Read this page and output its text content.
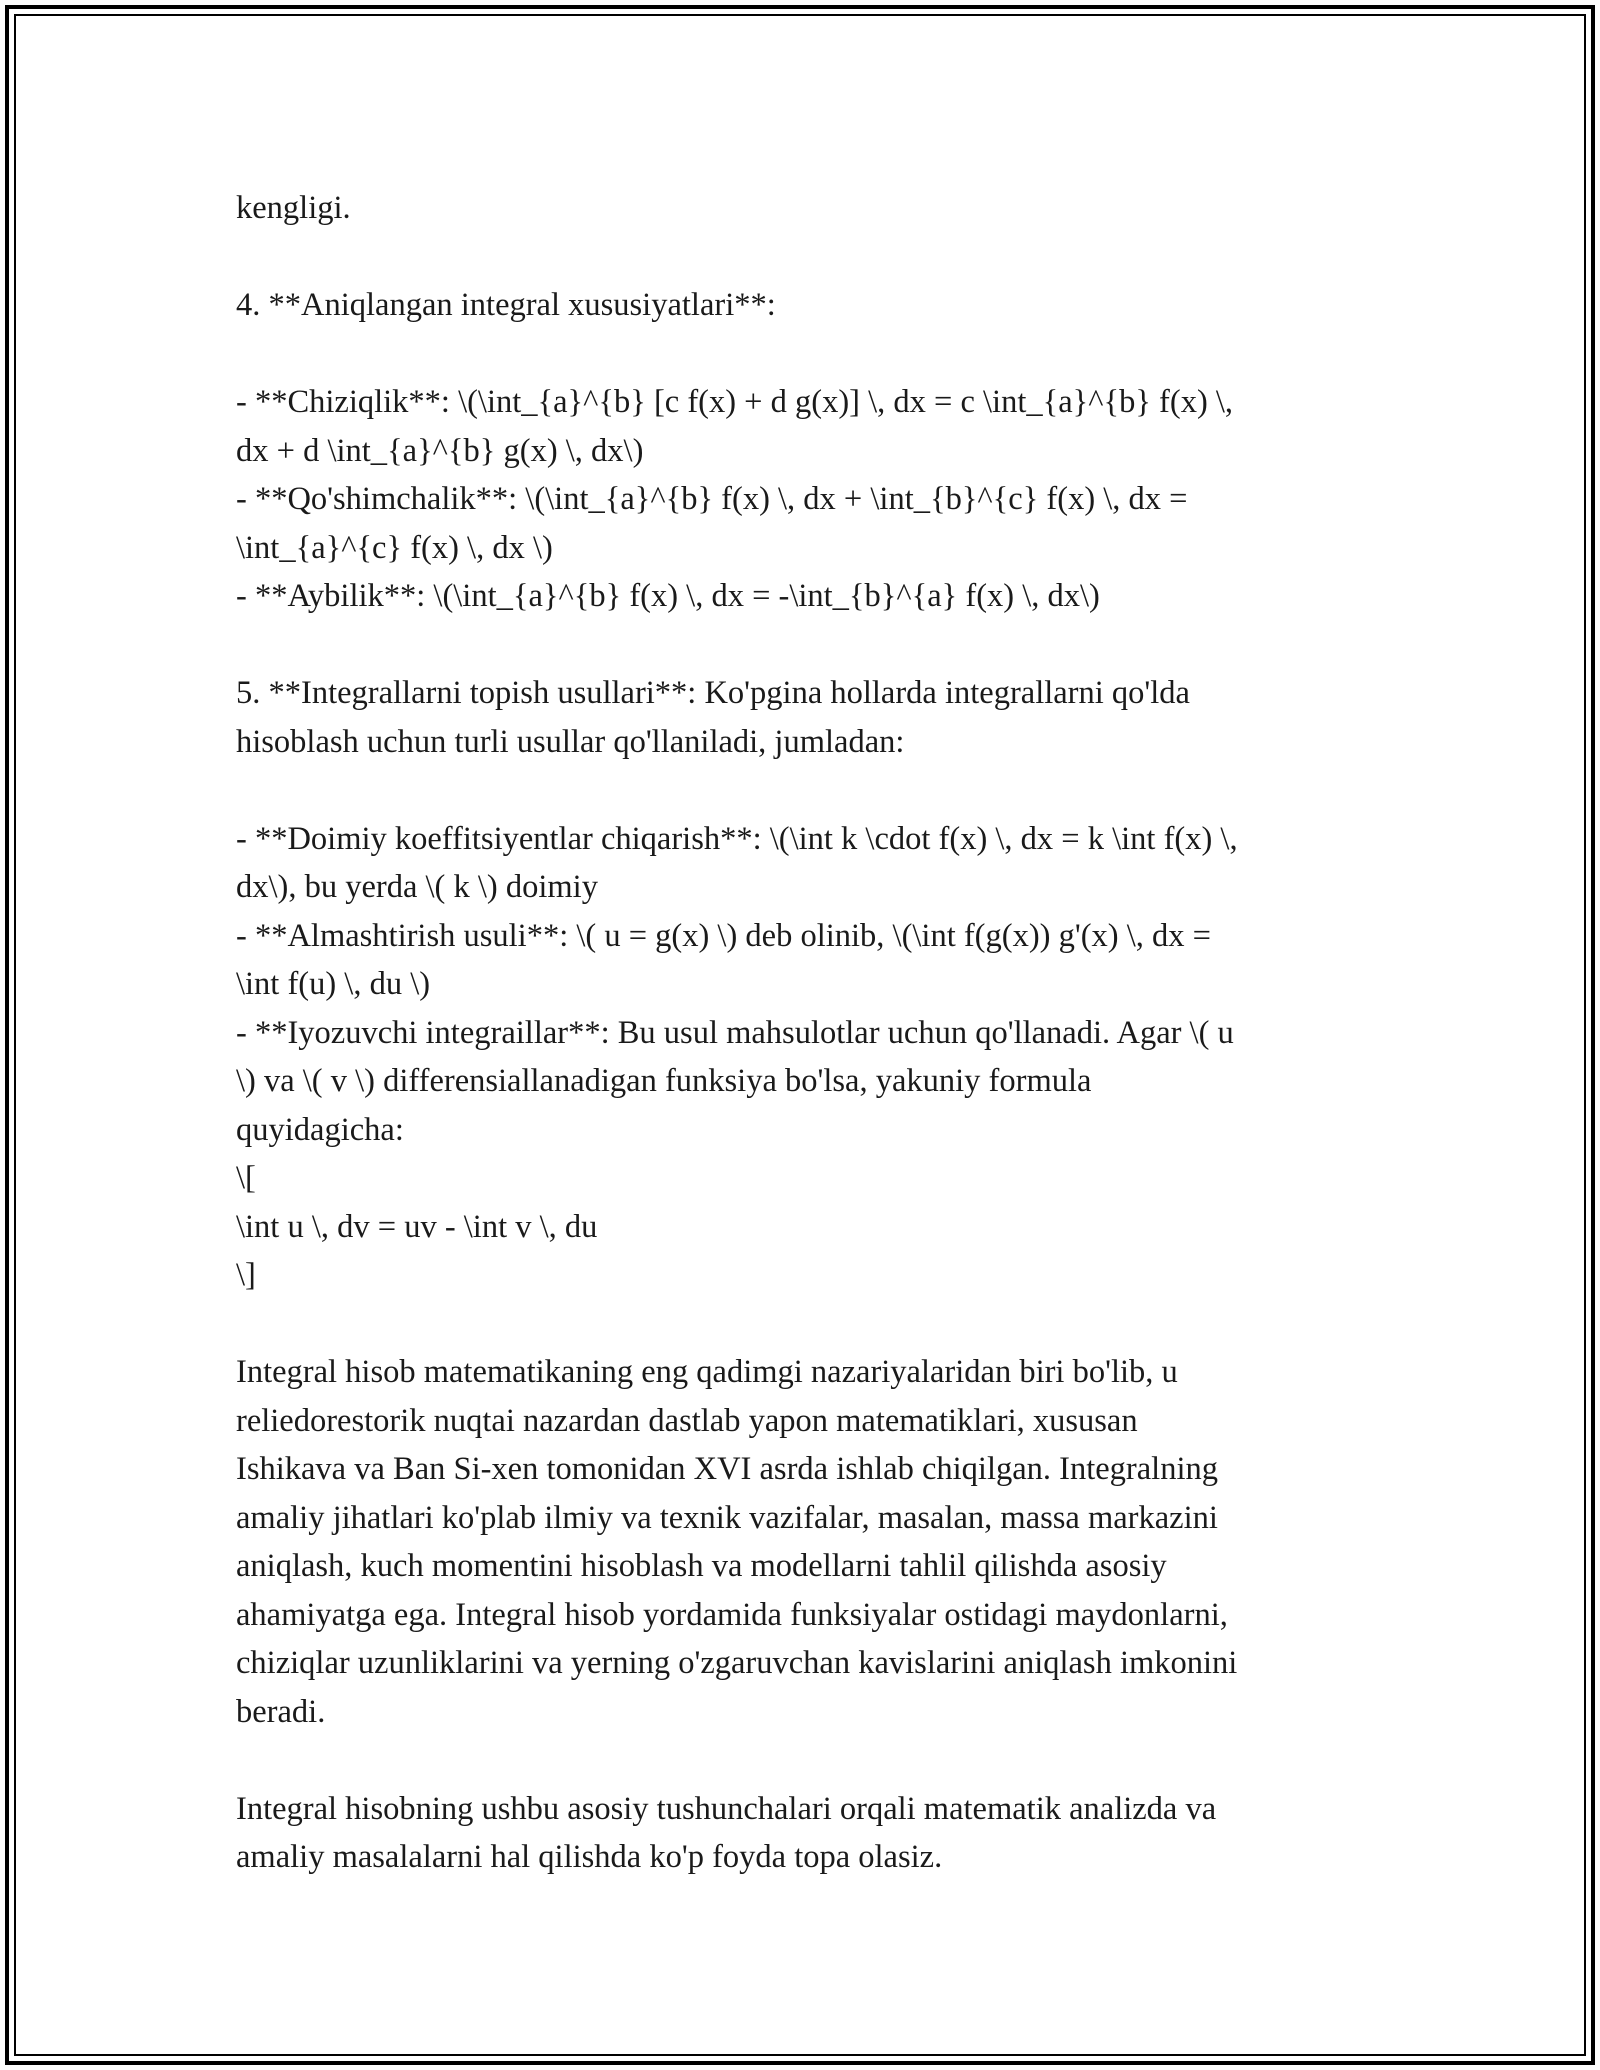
kengligi.
4. **Aniqlangan integral xususiyatlari**:
- **Chiziqlik**: \(\int_{a}^{b} [c f(x) + d g(x)] \, dx = c \int_{a}^{b} f(x) \,
dx + d \int_{a}^{b} g(x) \, dx\)
- **Qo'shimchalik**: \(\int_{a}^{b} f(x) \, dx + \int_{b}^{c} f(x) \, dx =
\int_{a}^{c} f(x) \, dx \)
- **Aybilik**: \(\int_{a}^{b} f(x) \, dx = -\int_{b}^{a} f(x) \, dx\)
5. **Integrallarni topish usullari**: Ko'pgina hollarda integrallarni qo'lda
hisoblash uchun turli usullar qo'llaniladi, jumladan:
- **Doimiy koeffitsiyentlar chiqarish**: \(\int k \cdot f(x) \, dx = k \int f(x) \,
dx\), bu yerda \( k \) doimiy
- **Almashtirish usuli**: \( u = g(x) \) deb olinib, \(\int f(g(x)) g'(x) \, dx =
\int f(u) \, du \)
- **Iyozuvchi integraillar**: Bu usul mahsulotlar uchun qo'llanadi. Agar \( u
\) va \( v \) differensiallanadigan funksiya bo'lsa, yakuniy formula
quyidagicha:
\[
\int u \, dv = uv - \int v \, du
\]
Integral hisob matematikaning eng qadimgi nazariyalaridan biri bo'lib, u
reliedorestorik nuqtai nazardan dastlab yapon matematiklari, xususan
Ishikava va Ban Si-xen tomonidan XVI asrda ishlab chiqilgan. Integralning
amaliy jihatlari ko'plab ilmiy va texnik vazifalar, masalan, massa markazini
aniqlash, kuch momentini hisoblash va modellarni tahlil qilishda asosiy
ahamiyatga ega. Integral hisob yordamida funksiyalar ostidagi maydonlarni,
chiziqlar uzunliklarini va yerning o'zgaruvchan kavislarini aniqlash imkonini
beradi.
Integral hisobning ushbu asosiy tushunchalari orqali matematik analizda va
amaliy masalalarni hal qilishda ko'p foyda topa olasiz.
